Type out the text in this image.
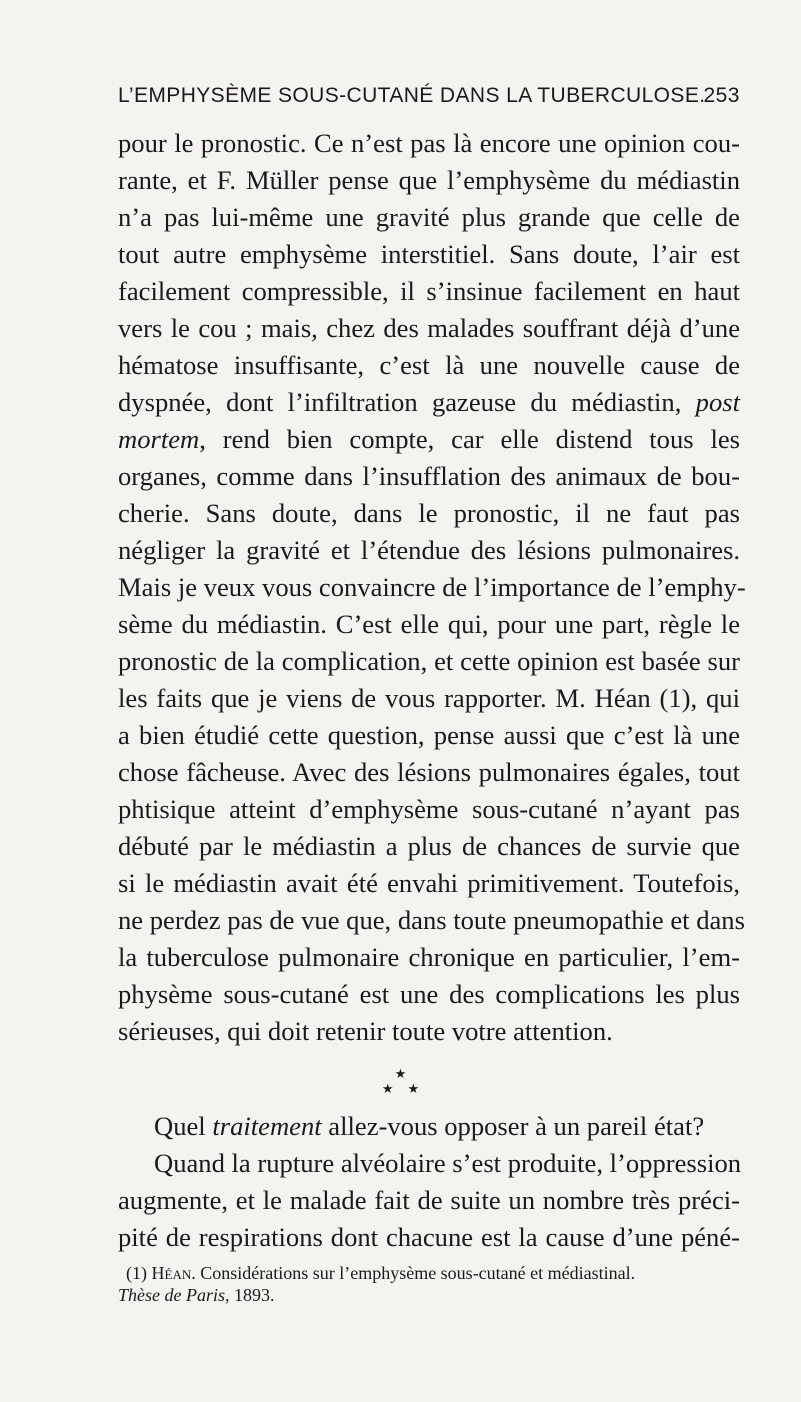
L’EMPHYSÈME SOUS-CUTANÉ DANS LA TUBERCULOSE.
253
pour le pronostic. Ce n’est pas là encore une opinion cou-
rante, et F. Müller pense que l’emphysème du médiastin
n’a pas lui-même une gravité plus grande que celle de
tout autre emphysème interstitiel. Sans doute, l’air est
facilement compressible, il s’insinue facilement en haut
vers le cou ; mais, chez des malades souffrant déjà d’une
hématose insuffisante, c’est là une nouvelle cause de
dyspnée, dont l’infiltration gazeuse du médiastin, post
mortem, rend bien compte, car elle distend tous les
organes, comme dans l’insufflation des animaux de bou-
cherie. Sans doute, dans le pronostic, il ne faut pas
négliger la gravité et l’étendue des lésions pulmonaires.
Mais je veux vous convaincre de l’importance de l’emphy-
sème du médiastin. C’est elle qui, pour une part, règle le
pronostic de la complication, et cette opinion est basée sur
les faits que je viens de vous rapporter. M. Héan (1), qui
a bien étudié cette question, pense aussi que c’est là une
chose fâcheuse. Avec des lésions pulmonaires égales, tout
phtisique atteint d’emphysème sous-cutané n’ayant pas
débuté par le médiastin a plus de chances de survie que
si le médiastin avait été envahi primitivement. Toutefois,
ne perdez pas de vue que, dans toute pneumopathie et dans
la tuberculose pulmonaire chronique en particulier, l’em-
physème sous-cutané est une des complications les plus
sérieuses, qui doit retenir toute votre attention.
★
★ ★
Quel traitement allez-vous opposer à un pareil état?
Quand la rupture alvéolaire s’est produite, l’oppression
augmente, et le malade fait de suite un nombre très préci-
pité de respirations dont chacune est la cause d’une péné-
(1) Héan. Considérations sur l’emphysème sous-cutané et médiastinal.
Thèse de Paris, 1893.
